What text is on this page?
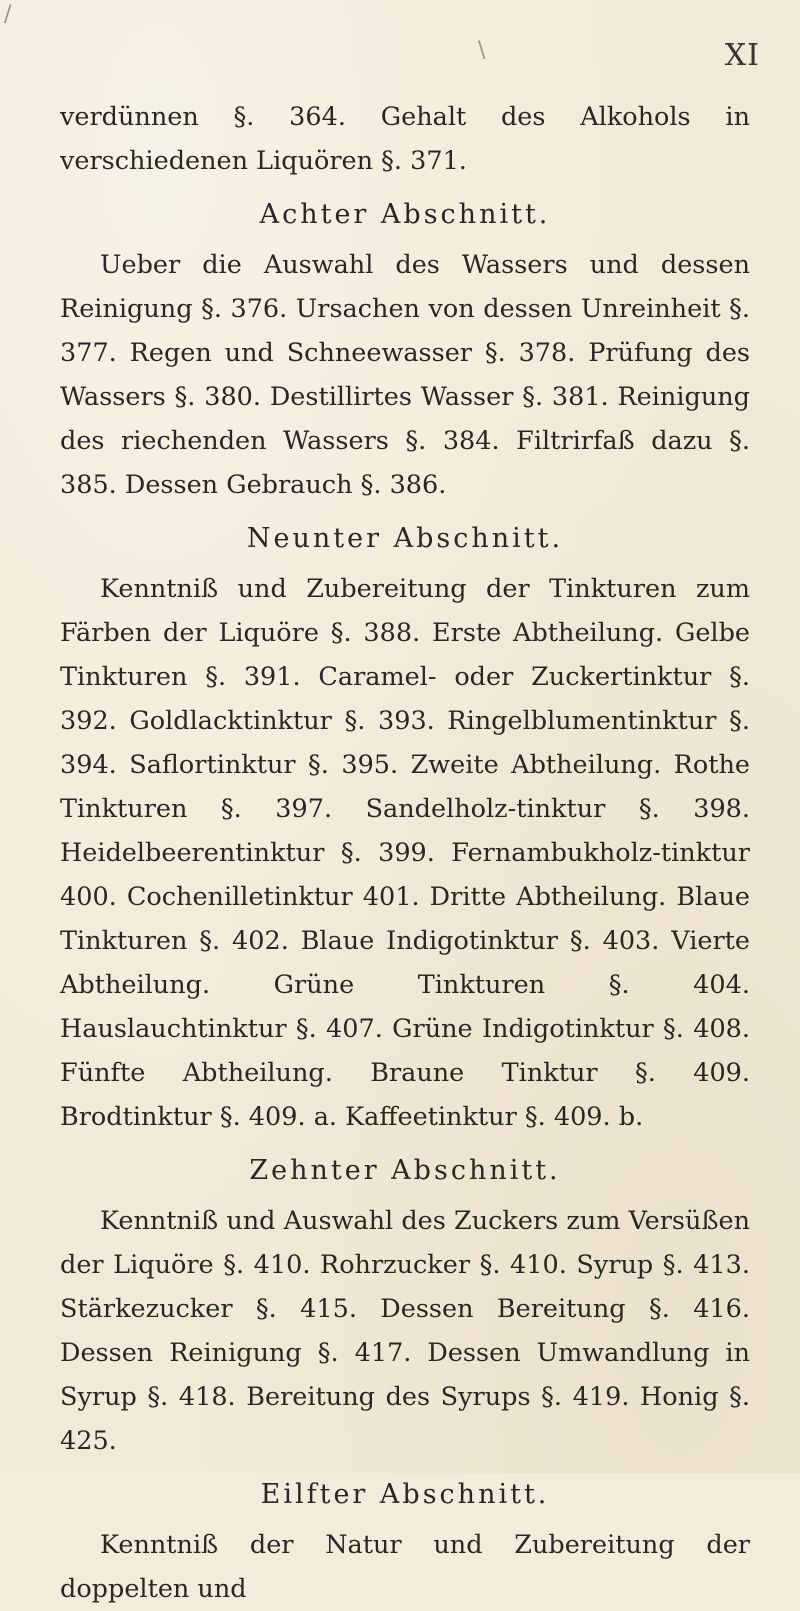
/
\	XI

verdünnen §. 364. Gehalt des Alkohols in verschiedenen Liquören §. 371.

Achter Abschnitt.

Ueber die Auswahl des Wassers und dessen Reinigung §. 376. Ursachen von dessen Unreinheit §. 377. Regen und Schneewasser §. 378. Prüfung des Wassers §. 380. Destillirtes Wasser §. 381. Reinigung des riechenden Wassers §. 384. Filtrirfaß dazu §. 385. Dessen Gebrauch §. 386.

Neunter Abschnitt.

Kenntniß und Zubereitung der Tinkturen zum Färben der Liquöre §. 388. Erste Abtheilung. Gelbe Tinkturen §. 391. Caramel- oder Zuckertinktur §. 392. Goldlacktinktur §. 393. Ringelblumentinktur §. 394. Saflortinktur §. 395. Zweite Abtheilung. Rothe Tinkturen §. 397. Sandelholz-tinktur §. 398. Heidelbeerentinktur §. 399. Fernambukholz-tinktur 400. Cochenilletinktur 401. Dritte Abtheilung. Blaue Tinkturen §. 402. Blaue Indigotinktur §. 403. Vierte Abtheilung. Grüne Tinkturen §. 404. Hauslauchtinktur §. 407. Grüne Indigotinktur §. 408. Fünfte Abtheilung. Braune Tinktur §. 409. Brodtinktur §. 409. a. Kaffeetinktur §. 409. b.

Zehnter Abschnitt.

Kenntniß und Auswahl des Zuckers zum Versüßen der Liquöre §. 410. Rohrzucker §. 410. Syrup §. 413. Stärkezucker §. 415. Dessen Bereitung §. 416. Dessen Reinigung §. 417. Dessen Umwandlung in Syrup §. 418. Bereitung des Syrups §. 419. Honig §. 425.

Eilfter Abschnitt.

Kenntniß der Natur und Zubereitung der doppelten und
